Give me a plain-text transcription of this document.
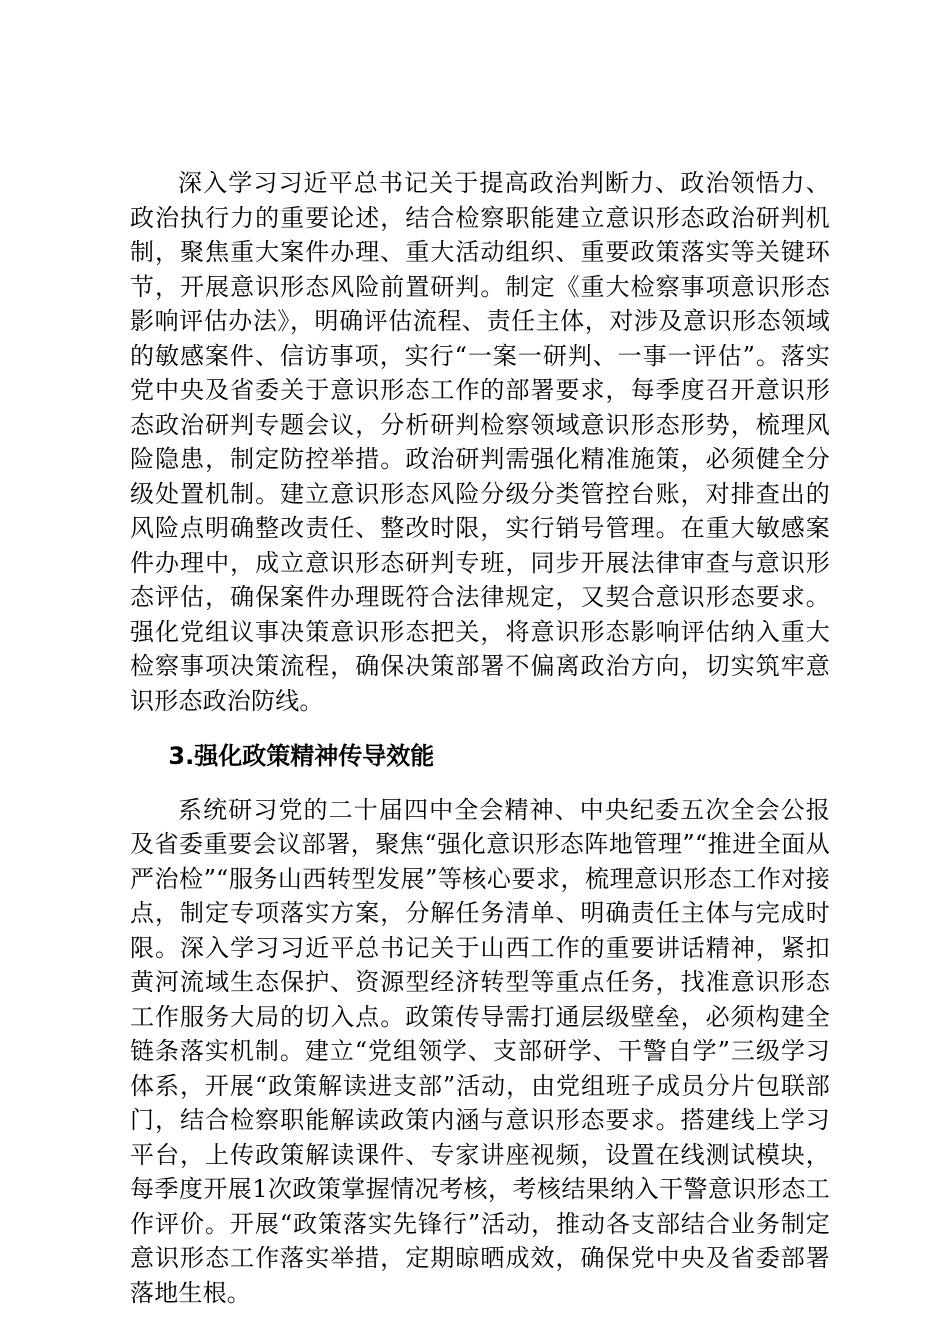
深入学习习近平总书记关于提高政治判断力、政治领悟力、政治执行力的重要论述，结合检察职能建立意识形态政治研判机制，聚焦重大案件办理、重大活动组织、重要政策落实等关键环节，开展意识形态风险前置研判。制定《重大检察事项意识形态影响评估办法》，明确评估流程、责任主体，对涉及意识形态领域的敏感案件、信访事项，实行“一案一研判、一事一评估”。落实党中央及省委关于意识形态工作的部署要求，每季度召开意识形态政治研判专题会议，分析研判检察领域意识形态形势，梳理风险隐患，制定防控举措。政治研判需强化精准施策，必须健全分级处置机制。建立意识形态风险分级分类管控台账，对排查出的风险点明确整改责任、整改时限，实行销号管理。在重大敏感案件办理中，成立意识形态研判专班，同步开展法律审查与意识形态评估，确保案件办理既符合法律规定，又契合意识形态要求。强化党组议事决策意识形态把关，将意识形态影响评估纳入重大检察事项决策流程，确保决策部署不偏离政治方向，切实筑牢意识形态政治防线。

3.强化政策精神传导效能

系统研习党的二十届四中全会精神、中央纪委五次全会公报及省委重要会议部署，聚焦“强化意识形态阵地管理”“推进全面从严治检”“服务山西转型发展”等核心要求，梳理意识形态工作对接点，制定专项落实方案，分解任务清单、明确责任主体与完成时限。深入学习习近平总书记关于山西工作的重要讲话精神，紧扣黄河流域生态保护、资源型经济转型等重点任务，找准意识形态工作服务大局的切入点。政策传导需打通层级壁垒，必须构建全链条落实机制。建立“党组领学、支部研学、干警自学”三级学习体系，开展“政策解读进支部”活动，由党组班子成员分片包联部门，结合检察职能解读政策内涵与意识形态要求。搭建线上学习平台，上传政策解读课件、专家讲座视频，设置在线测试模块，每季度开展1次政策掌握情况考核，考核结果纳入干警意识形态工作评价。开展“政策落实先锋行”活动，推动各支部结合业务制定意识形态工作落实举措，定期晾晒成效，确保党中央及省委部署落地生根。
